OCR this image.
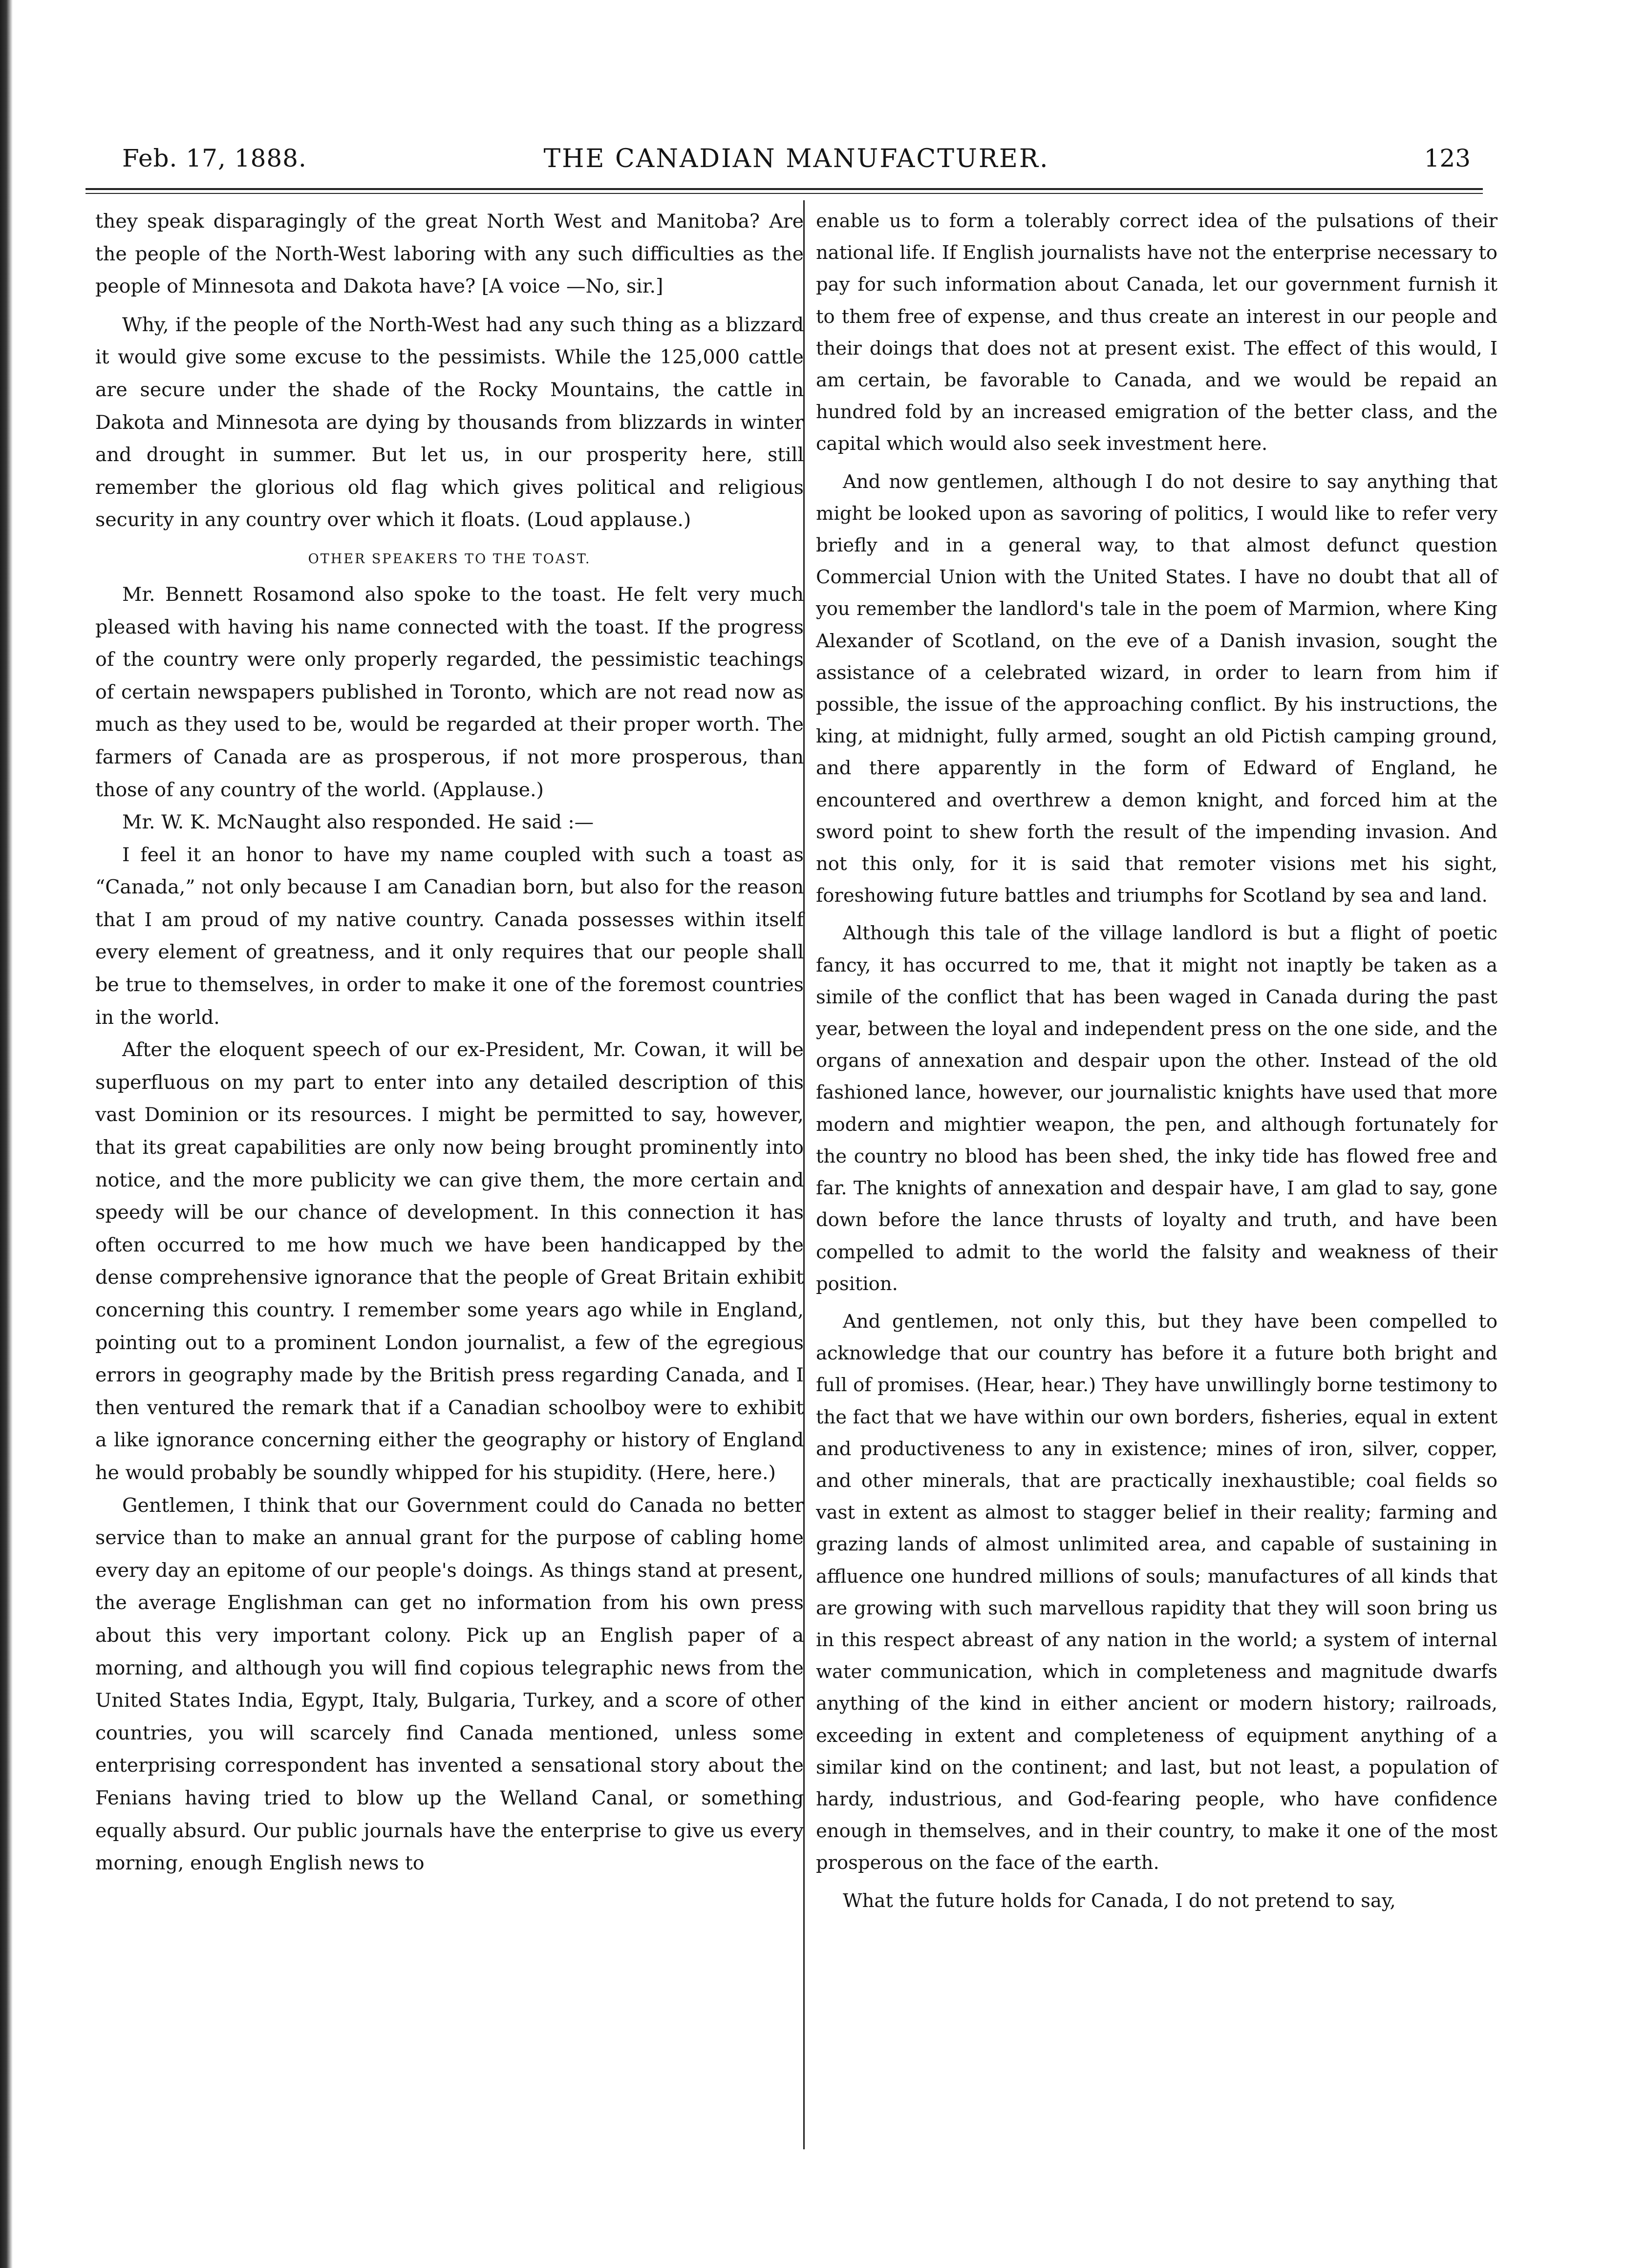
Feb. 17, 1888.	THE CANADIAN MANUFACTURER.	123

they speak disparagingly of the great North West and Manitoba? Are the people of the North-West laboring with any such difficulties as the people of Minnesota and Dakota have? [A voice —No, sir.]

Why, if the people of the North-West had any such thing as a blizzard it would give some excuse to the pessimists. While the 125,000 cattle are secure under the shade of the Rocky Mountains, the cattle in Dakota and Minnesota are dying by thousands from blizzards in winter and drought in summer. But let us, in our prosperity here, still remember the glorious old flag which gives political and religious security in any country over which it floats. (Loud applause.)

OTHER SPEAKERS TO THE TOAST.

Mr. Bennett Rosamond also spoke to the toast. He felt very much pleased with having his name connected with the toast. If the progress of the country were only properly regarded, the pessimistic teachings of certain newspapers published in Toronto, which are not read now as much as they used to be, would be regarded at their proper worth. The farmers of Canada are as prosperous, if not more prosperous, than those of any country of the world. (Applause.)

Mr. W. K. McNaught also responded. He said :—

I feel it an honor to have my name coupled with such a toast as “Canada,” not only because I am Canadian born, but also for the reason that I am proud of my native country. Canada possesses within itself every element of greatness, and it only requires that our people shall be true to themselves, in order to make it one of the foremost countries in the world.

After the eloquent speech of our ex-President, Mr. Cowan, it will be superfluous on my part to enter into any detailed description of this vast Dominion or its resources. I might be permitted to say, however, that its great capabilities are only now being brought prominently into notice, and the more publicity we can give them, the more certain and speedy will be our chance of development. In this connection it has often occurred to me how much we have been handicapped by the dense comprehensive ignorance that the people of Great Britain exhibit concerning this country. I remember some years ago while in England, pointing out to a prominent London journalist, a few of the egregious errors in geography made by the British press regarding Canada, and I then ventured the remark that if a Canadian schoolboy were to exhibit a like ignorance concerning either the geography or history of England he would probably be soundly whipped for his stupidity. (Here, here.)

Gentlemen, I think that our Government could do Canada no better service than to make an annual grant for the purpose of cabling home every day an epitome of our people's doings. As things stand at present, the average Englishman can get no information from his own press about this very important colony. Pick up an English paper of a morning, and although you will find copious telegraphic news from the United States India, Egypt, Italy, Bulgaria, Turkey, and a score of other countries, you will scarcely find Canada mentioned, unless some enterprising correspondent has invented a sensational story about the Fenians having tried to blow up the Welland Canal, or something equally absurd. Our public journals have the enterprise to give us every morning, enough English news to

enable us to form a tolerably correct idea of the pulsations of their national life. If English journalists have not the enterprise necessary to pay for such information about Canada, let our government furnish it to them free of expense, and thus create an interest in our people and their doings that does not at present exist. The effect of this would, I am certain, be favorable to Canada, and we would be repaid an hundred fold by an increased emigration of the better class, and the capital which would also seek investment here.

And now gentlemen, although I do not desire to say anything that might be looked upon as savoring of politics, I would like to refer very briefly and in a general way, to that almost defunct question Commercial Union with the United States. I have no doubt that all of you remember the landlord's tale in the poem of Marmion, where King Alexander of Scotland, on the eve of a Danish invasion, sought the assistance of a celebrated wizard, in order to learn from him if possible, the issue of the approaching conflict. By his instructions, the king, at midnight, fully armed, sought an old Pictish camping ground, and there apparently in the form of Edward of England, he encountered and overthrew a demon knight, and forced him at the sword point to shew forth the result of the impending invasion. And not this only, for it is said that remoter visions met his sight, foreshowing future battles and triumphs for Scotland by sea and land.

Although this tale of the village landlord is but a flight of poetic fancy, it has occurred to me, that it might not inaptly be taken as a simile of the conflict that has been waged in Canada during the past year, between the loyal and independent press on the one side, and the organs of annexation and despair upon the other. Instead of the old fashioned lance, however, our journalistic knights have used that more modern and mightier weapon, the pen, and although fortunately for the country no blood has been shed, the inky tide has flowed free and far. The knights of annexation and despair have, I am glad to say, gone down before the lance thrusts of loyalty and truth, and have been compelled to admit to the world the falsity and weakness of their position.

And gentlemen, not only this, but they have been compelled to acknowledge that our country has before it a future both bright and full of promises. (Hear, hear.) They have unwillingly borne testimony to the fact that we have within our own borders, fisheries, equal in extent and productiveness to any in existence; mines of iron, silver, copper, and other minerals, that are practically inexhaustible; coal fields so vast in extent as almost to stagger belief in their reality; farming and grazing lands of almost unlimited area, and capable of sustaining in affluence one hundred millions of souls; manufactures of all kinds that are growing with such marvellous rapidity that they will soon bring us in this respect abreast of any nation in the world; a system of internal water communication, which in completeness and magnitude dwarfs anything of the kind in either ancient or modern history; railroads, exceeding in extent and completeness of equipment anything of a similar kind on the continent; and last, but not least, a population of hardy, industrious, and God-fearing people, who have confidence enough in themselves, and in their country, to make it one of the most prosperous on the face of the earth.

What the future holds for Canada, I do not pretend to say,
